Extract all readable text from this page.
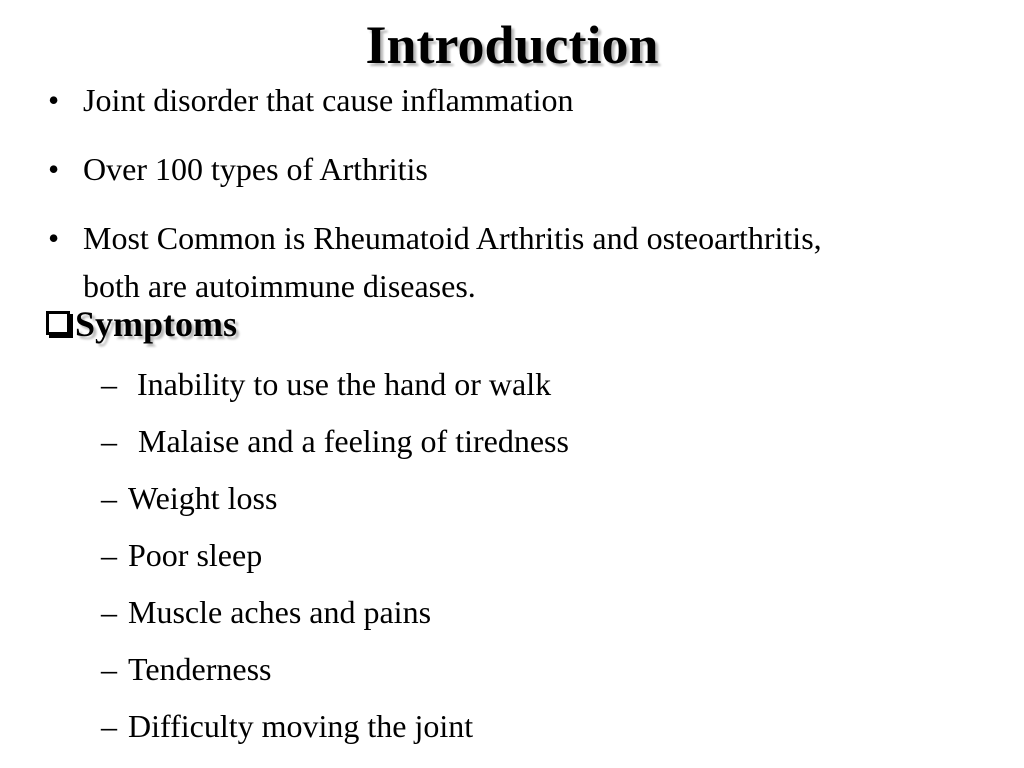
Introduction
• Joint disorder that cause inflammation
• Over 100 types of Arthritis
• Most Common is Rheumatoid Arthritis and osteoarthritis, both are autoimmune diseases.
Symptoms
– Inability to use the hand or walk
– Malaise and a feeling of tiredness
– Weight loss
– Poor sleep
– Muscle aches and pains
– Tenderness
– Difficulty moving the joint
